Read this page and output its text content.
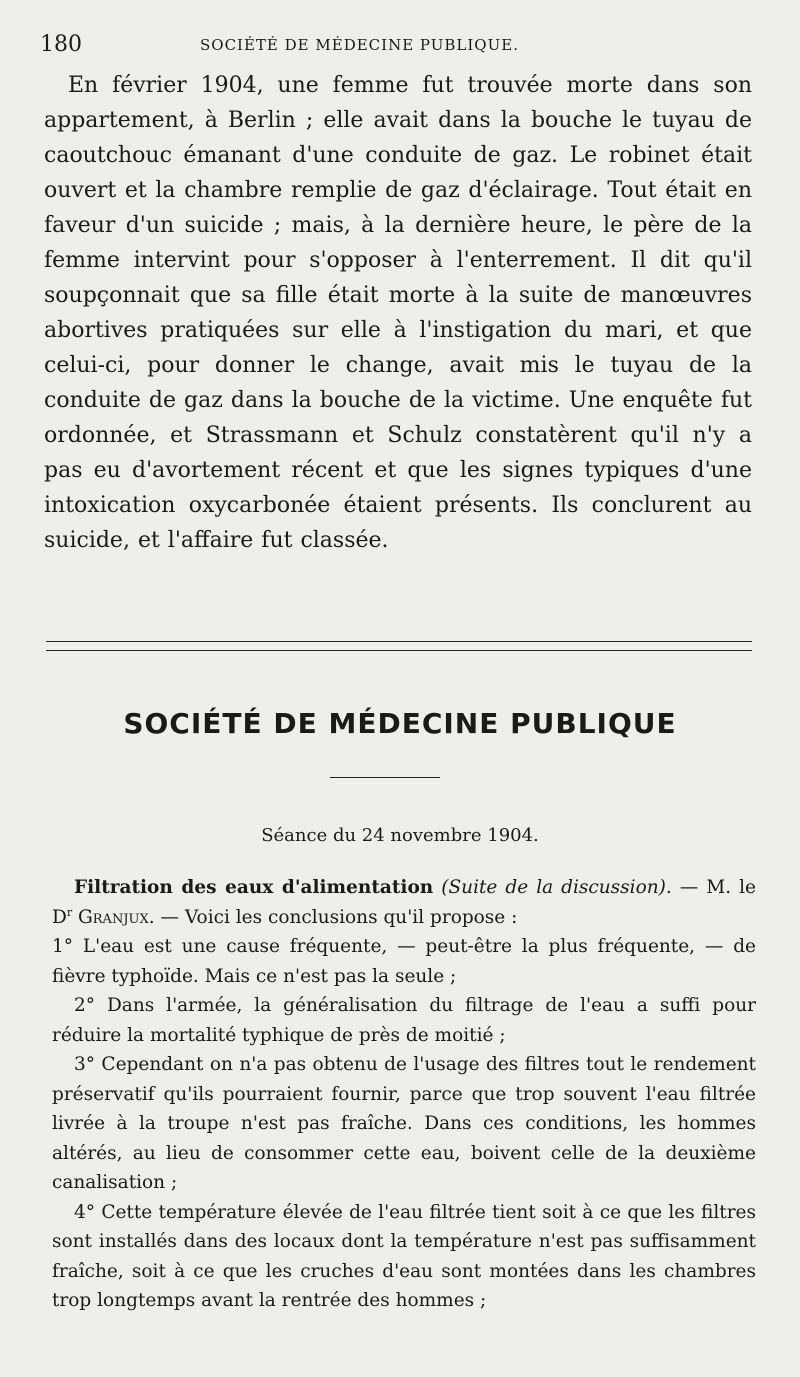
180	SOCIÉTÉ DE MÉDECINE PUBLIQUE.

En février 1904, une femme fut trouvée morte dans son appartement, à Berlin ; elle avait dans la bouche le tuyau de caoutchouc émanant d'une conduite de gaz. Le robinet était ouvert et la chambre remplie de gaz d'éclairage. Tout était en faveur d'un suicide ; mais, à la dernière heure, le père de la femme intervint pour s'opposer à l'enterrement. Il dit qu'il soupçonnait que sa fille était morte à la suite de manœuvres abortives pratiquées sur elle à l'instigation du mari, et que celui-ci, pour donner le change, avait mis le tuyau de la conduite de gaz dans la bouche de la victime. Une enquête fut ordonnée, et Strassmann et Schulz constatèrent qu'il n'y a pas eu d'avortement récent et que les signes typiques d'une intoxication oxycarbonée étaient présents. Ils conclurent au suicide, et l'affaire fut classée.

SOCIÉTÉ DE MÉDECINE PUBLIQUE

Séance du 24 novembre 1904.

Filtration des eaux d'alimentation (Suite de la discussion). — M. le $D^r$ Granjux. — Voici les conclusions qu'il propose :

1° L'eau est une cause fréquente, — peut-être la plus fréquente, — de fièvre typhoïde. Mais ce n'est pas la seule ;

2° Dans l'armée, la généralisation du filtrage de l'eau a suffi pour réduire la mortalité typhique de près de moitié ;

3° Cependant on n'a pas obtenu de l'usage des filtres tout le rendement préservatif qu'ils pourraient fournir, parce que trop souvent l'eau filtrée livrée à la troupe n'est pas fraîche. Dans ces conditions, les hommes altérés, au lieu de consommer cette eau, boivent celle de la deuxième canalisation ;

4° Cette température élevée de l'eau filtrée tient soit à ce que les filtres sont installés dans des locaux dont la température n'est pas suffisamment fraîche, soit à ce que les cruches d'eau sont montées dans les chambres trop longtemps avant la rentrée des hommes ;
